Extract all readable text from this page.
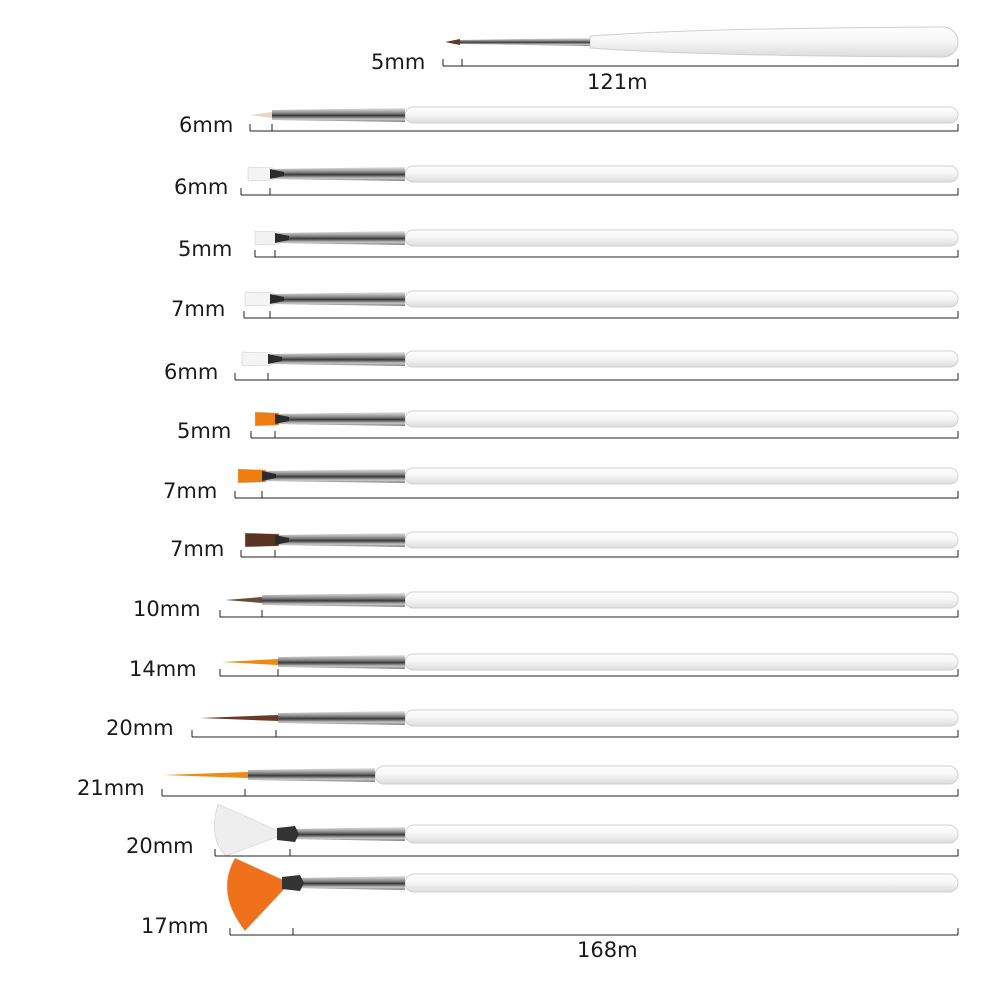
5mm
121m
6mm
6mm
5mm
7mm
6mm
5mm
7mm
7mm
10mm
14mm
20mm
21mm
20mm
17mm
168m
